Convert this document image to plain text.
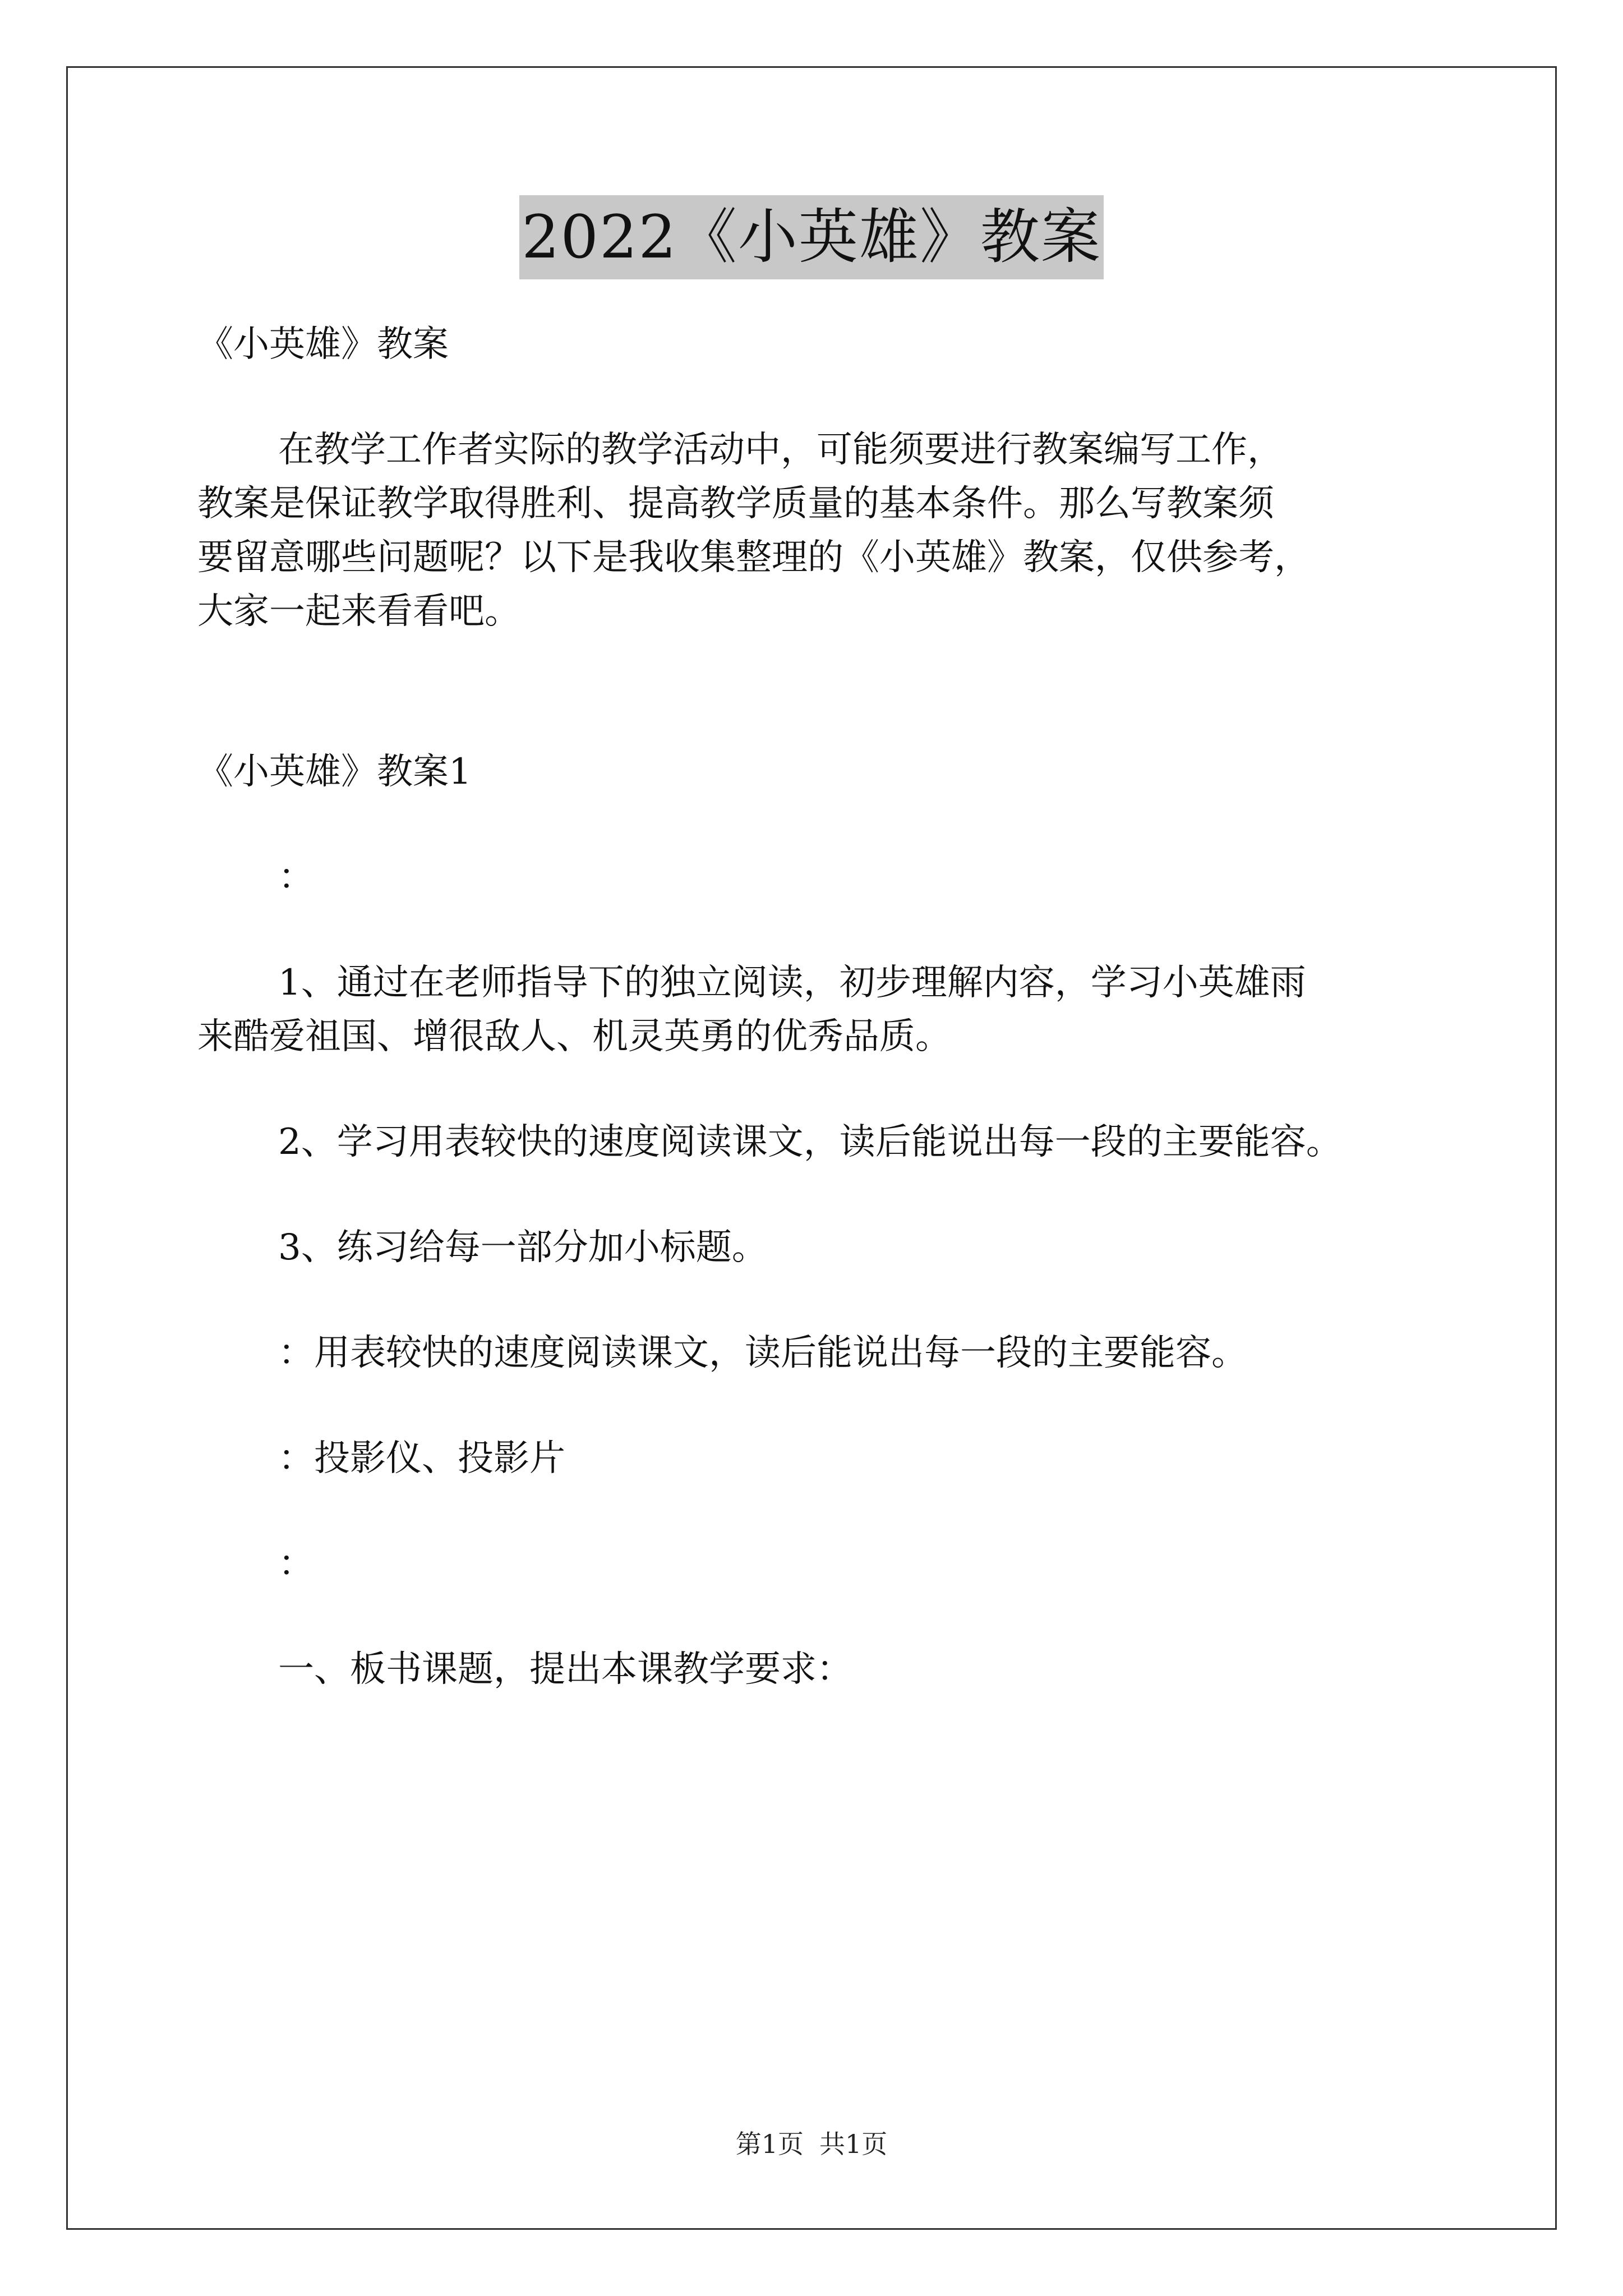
2022《小英雄》教案

《小英雄》教案

在教学工作者实际的教学活动中，可能须要进行教案编写工作，

教案是保证教学取得胜利、提高教学质量的基本条件。那么写教案须

要留意哪些问题呢？以下是我收集整理的《小英雄》教案，仅供参考，

大家一起来看看吧。

《小英雄》教案1

：

1、通过在老师指导下的独立阅读，初步理解内容，学习小英雄雨

来酷爱祖国、增很敌人、机灵英勇的优秀品质。

2、学习用表较快的速度阅读课文，读后能说出每一段的主要能容。

3、练习给每一部分加小标题。

：用表较快的速度阅读课文，读后能说出每一段的主要能容。

：投影仪、投影片

：

一、板书课题，提出本课教学要求：

第1页 共1页
